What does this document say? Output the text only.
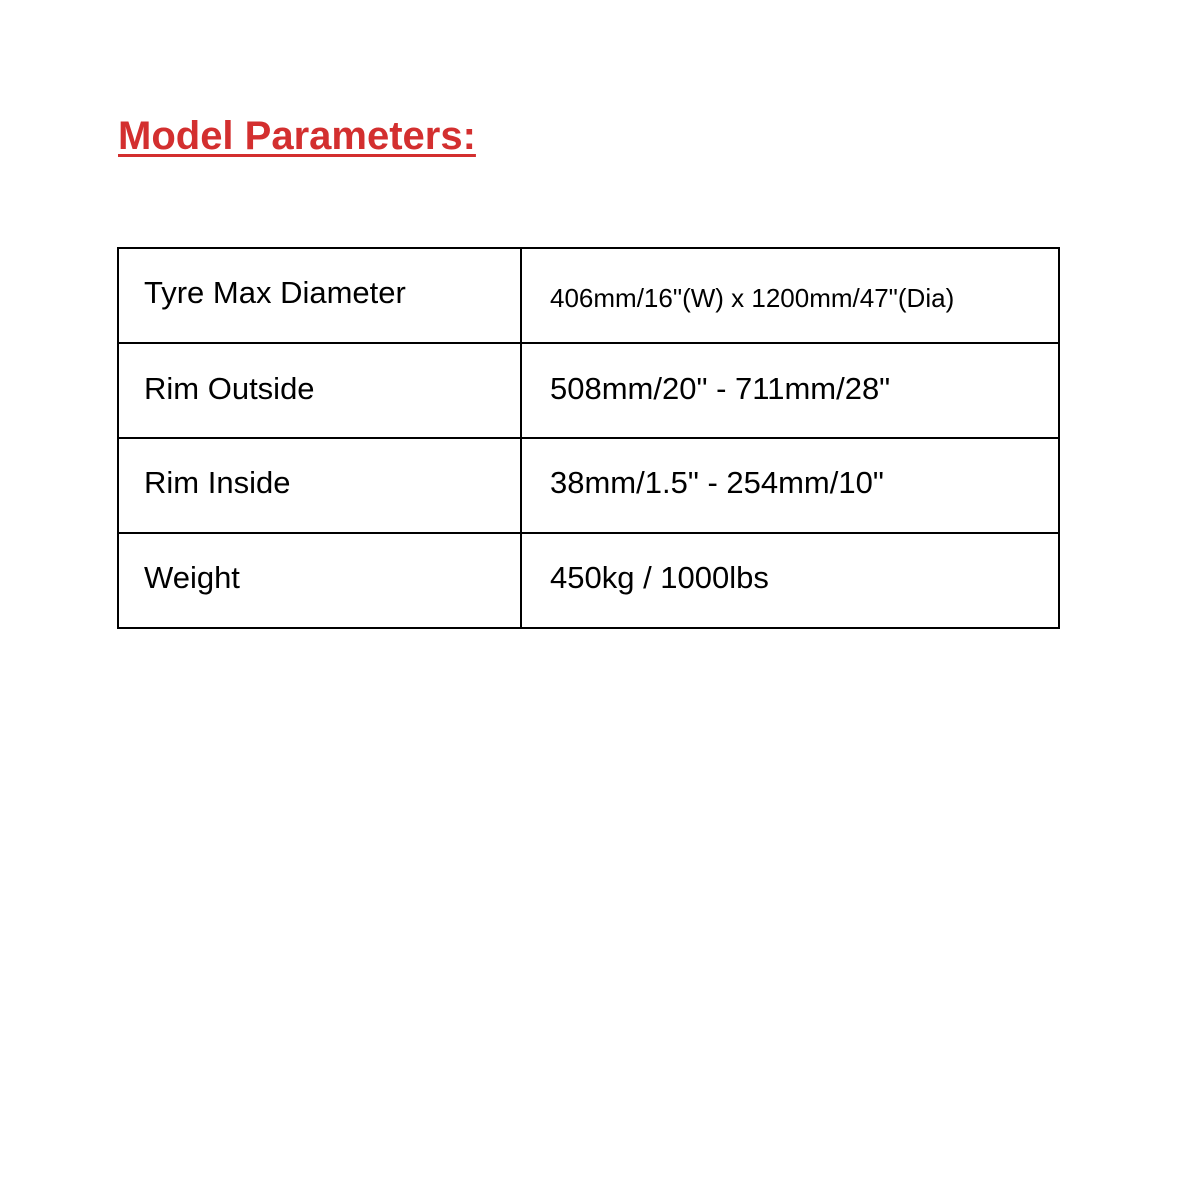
Model Parameters:
Tyre Max Diameter	406mm/16"(W) x 1200mm/47"(Dia)
Rim Outside	508mm/20" - 711mm/28"
Rim Inside	38mm/1.5" - 254mm/10"
Weight	450kg / 1000lbs
